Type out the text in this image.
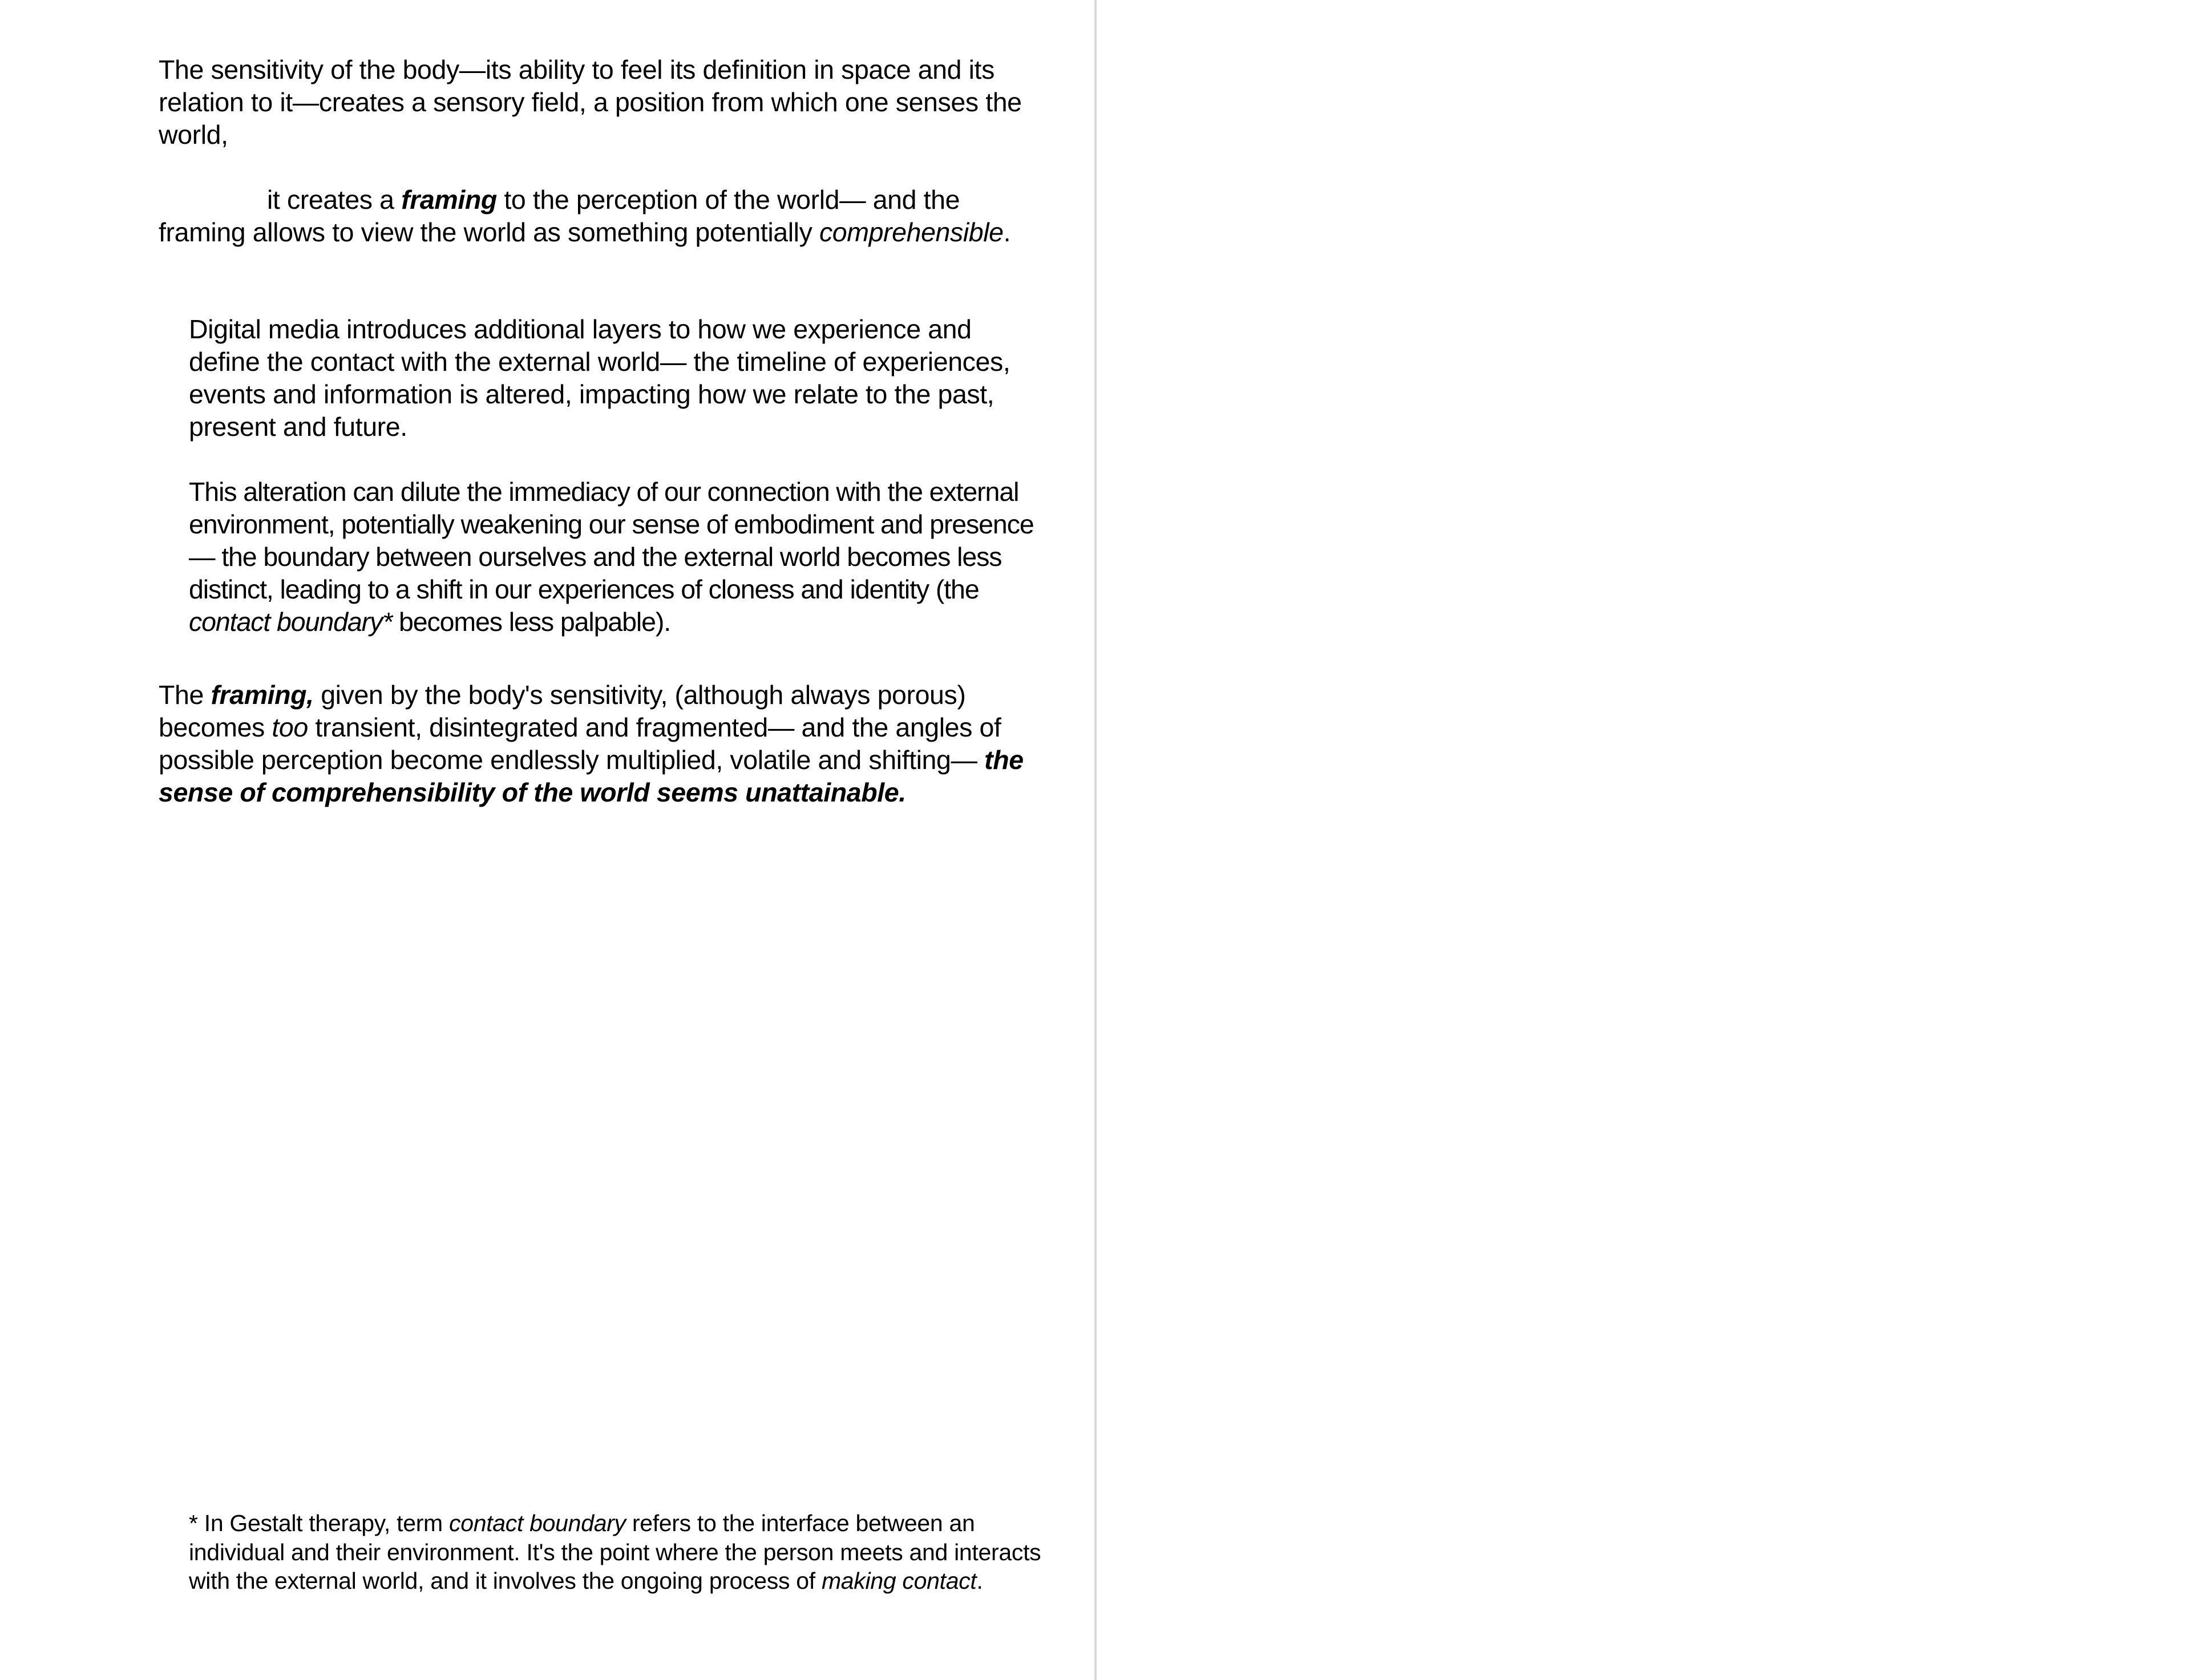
The sensitivity of the body—its ability to feel its definition in space and its relation to it—creates a sensory field, a position from which one senses the world,

it creates a framing to the perception of the world— and the framing allows to view the world as something potentially comprehensible.

Digital media introduces additional layers to how we experience and define the contact with the external world— the timeline of experiences, events and information is altered, impacting how we relate to the past, present and future.

This alteration can dilute the immediacy of our connection with the external environment, potentially weakening our sense of embodiment and presence— the boundary between ourselves and the external world becomes less distinct, leading to a shift in our experiences of cloness and identity (the contact boundary* becomes less palpable).

The framing, given by the body's sensitivity, (although always porous) becomes too transient, disintegrated and fragmented— and the angles of possible perception become endlessly multiplied, volatile and shifting— the sense of comprehensibility of the world seems unattainable.

* In Gestalt therapy, term contact boundary refers to the interface between an individual and their environment. It's the point where the person meets and interacts with the external world, and it involves the ongoing process of making contact.
